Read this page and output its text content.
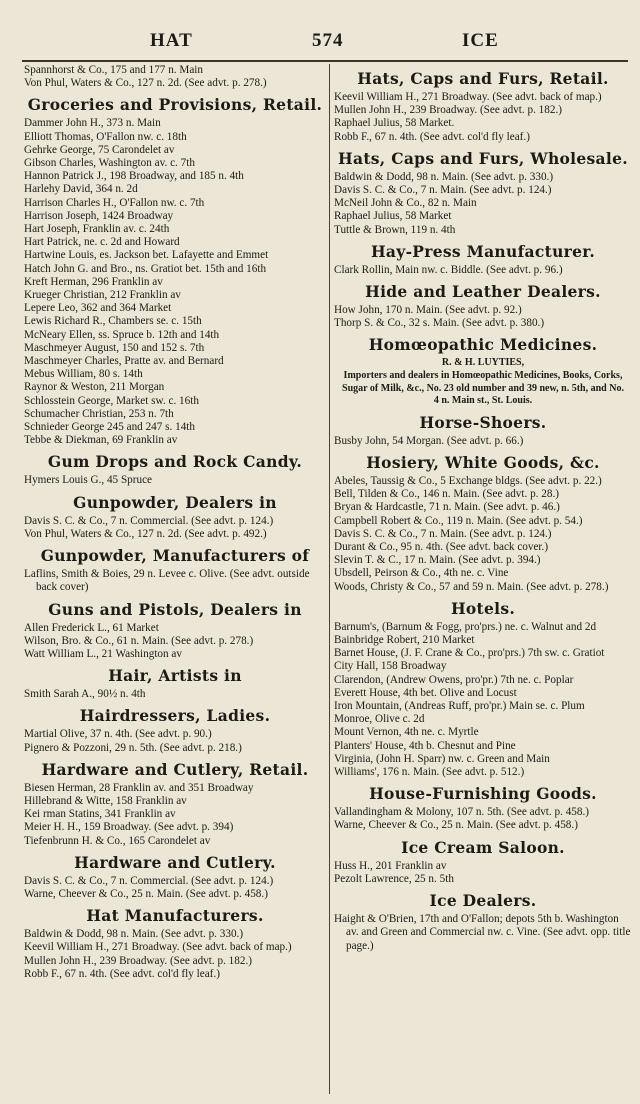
HAT	574	ICE
Spannhorst & Co., 175 and 177 n. Main
Von Phul, Waters & Co., 127 n. 2d. (See advt. p. 278.)
Groceries and Provisions, Retail.
Dammer John H., 373 n. Main
Elliott Thomas, O'Fallon nw. c. 18th
Gehrke George, 75 Carondelet av
Gibson Charles, Washington av. c. 7th
Hannon Patrick J., 198 Broadway, and 185 n. 4th
Harlehy David, 364 n. 2d
Harrison Charles H., O'Fallon nw. c. 7th
Harrison Joseph, 1424 Broadway
Hart Joseph, Franklin av. c. 24th
Hart Patrick, ne. c. 2d and Howard
Hartwine Louis, es. Jackson bet. Lafayette and Emmet
Hatch John G. and Bro., ns. Gratiot bet. 15th and 16th
Kreft Herman, 296 Franklin av
Krueger Christian, 212 Franklin av
Lepere Leo, 362 and 364 Market
Lewis Richard R., Chambers se. c. 15th
McNeary Ellen, ss. Spruce b. 12th and 14th
Maschmeyer August, 150 and 152 s. 7th
Maschmeyer Charles, Pratte av. and Bernard
Mebus William, 80 s. 14th
Raynor & Weston, 211 Morgan
Schlosstein George, Market sw. c. 16th
Schumacher Christian, 253 n. 7th
Schnieder George 245 and 247 s. 14th
Tebbe & Diekman, 69 Franklin av
Gum Drops and Rock Candy.
Hymers Louis G., 45 Spruce
Gunpowder, Dealers in
Davis S. C. & Co., 7 n. Commercial. (See advt. p. 124.)
Von Phul, Waters & Co., 127 n. 2d. (See advt. p. 492.)
Gunpowder, Manufacturers of
Laflins, Smith & Boies, 29 n. Levee c. Olive. (See advt. outside back cover)
Guns and Pistols, Dealers in
Allen Frederick L., 61 Market
Wilson, Bro. & Co., 61 n. Main. (See advt. p. 278.)
Watt William L., 21 Washington av
Hair, Artists in
Smith Sarah A., 90½ n. 4th
Hairdressers, Ladies.
Martial Olive, 37 n. 4th. (See advt. p. 90.)
Pignero & Pozzoni, 29 n. 5th. (See advt. p. 218.)
Hardware and Cutlery, Retail.
Biesen Herman, 28 Franklin av. and 351 Broadway
Hillebrand & Witte, 158 Franklin av
Kei rman Statins, 341 Franklin av
Meier H. H., 159 Broadway. (See advt. p. 394)
Tiefenbrunn H. & Co., 165 Carondelet av
Hardware and Cutlery.
Davis S. C. & Co., 7 n. Commercial. (See advt. p. 124.)
Warne, Cheever & Co., 25 n. Main. (See advt. p. 458.)
Hat Manufacturers.
Baldwin & Dodd, 98 n. Main. (See advt. p. 330.)
Keevil William H., 271 Broadway. (See advt. back of map.)
Mullen John H., 239 Broadway. (See advt. p. 182.)
Robb F., 67 n. 4th. (See advt. col'd fly leaf.)
Hats, Caps and Furs, Retail.
Keevil William H., 271 Broadway. (See advt. back of map.)
Mullen John H., 239 Broadway. (See advt. p. 182.)
Raphael Julius, 58 Market.
Robb F., 67 n. 4th. (See advt. col'd fly leaf.)
Hats, Caps and Furs, Wholesale.
Baldwin & Dodd, 98 n. Main. (See advt. p. 330.)
Davis S. C. & Co., 7 n. Main. (See advt. p. 124.)
McNeil John & Co., 82 n. Main
Raphael Julius, 58 Market
Tuttle & Brown, 119 n. 4th
Hay-Press Manufacturer.
Clark Rollin, Main nw. c. Biddle. (See advt. p. 96.)
Hide and Leather Dealers.
How John, 170 n. Main. (See advt. p. 92.)
Thorp S. & Co., 32 s. Main. (See advt. p. 380.)
Homœopathic Medicines.
R. & H. LUYTIES,
Importers and dealers in Homœopathic Medicines, Books, Corks, Sugar of Milk, &c., No. 23 old number and 39 new, n. 5th, and No. 4 n. Main st., St. Louis.
Horse-Shoers.
Busby John, 54 Morgan. (See advt. p. 66.)
Hosiery, White Goods, &c.
Abeles, Taussig & Co., 5 Exchange bldgs. (See advt. p. 22.)
Bell, Tilden & Co., 146 n. Main. (See advt. p. 28.)
Bryan & Hardcastle, 71 n. Main. (See advt. p. 46.)
Campbell Robert & Co., 119 n. Main. (See advt. p. 54.)
Davis S. C. & Co., 7 n. Main. (See advt. p. 124.)
Durant & Co., 95 n. 4th. (See advt. back cover.)
Slevin T. & C., 17 n. Main. (See advt. p. 394.)
Ubsdell, Peirson & Co., 4th ne. c. Vine
Woods, Christy & Co., 57 and 59 n. Main. (See advt. p. 278.)
Hotels.
Barnum's, (Barnum & Fogg, pro'prs.) ne. c. Walnut and 2d
Bainbridge Robert, 210 Market
Barnet House, (J. F. Crane & Co., pro'prs.) 7th sw. c. Gratiot
City Hall, 158 Broadway
Clarendon, (Andrew Owens, pro'pr.) 7th ne. c. Poplar
Everett House, 4th bet. Olive and Locust
Iron Mountain, (Andreas Ruff, pro'pr.) Main se. c. Plum
Monroe, Olive c. 2d
Mount Vernon, 4th ne. c. Myrtle
Planters' House, 4th b. Chesnut and Pine
Virginia, (John H. Sparr) nw. c. Green and Main
Williams', 176 n. Main. (See advt. p. 512.)
House-Furnishing Goods.
Vallandingham & Molony, 107 n. 5th. (See advt. p. 458.)
Warne, Cheever & Co., 25 n. Main. (See advt. p. 458.)
Ice Cream Saloon.
Huss H., 201 Franklin av
Pezolt Lawrence, 25 n. 5th
Ice Dealers.
Haight & O'Brien, 17th and O'Fallon; depots 5th b. Washington av. and Green and Commercial nw. c. Vine. (See advt. opp. title page.)
